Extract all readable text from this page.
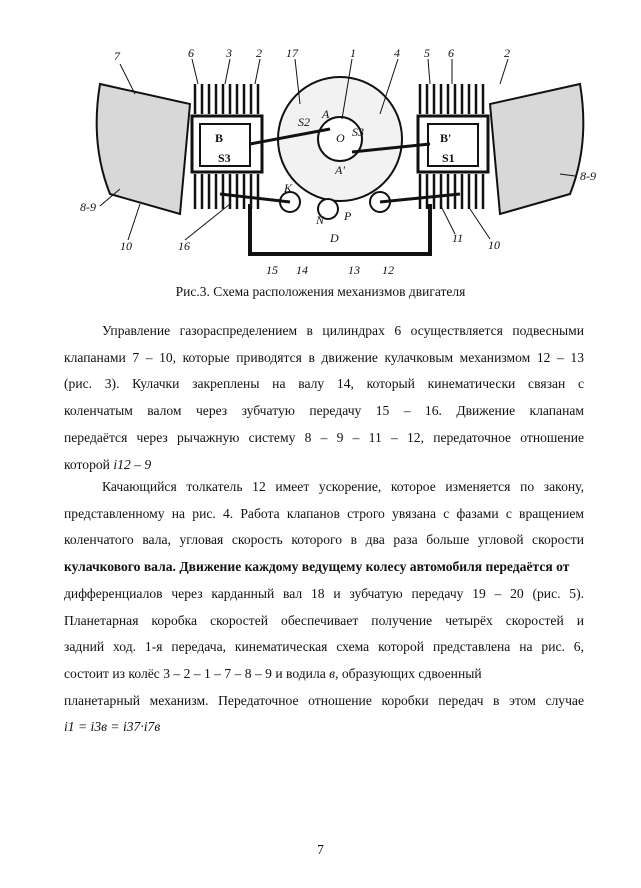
7	6	3 2 17	1	4 5 6	2
B
S3
B'
S1
A
O
A'
S2
S3
K
N P
D
8-9
8-9
10	16
15 14	13 12
11 10
Рис.3. Схема расположения механизмов двигателя
Управление газораспределением в цилиндрах 6 осуществляется подвесными
клапанами 7 – 10, которые приводятся в движение кулачковым механизмом 12 – 13
(рис. 3). Кулачки закреплены на валу 14, который кинематически связан с
коленчатым валом через зубчатую передачу 15 – 16. Движение клапанам
передаётся через рычажную систему 8 – 9 – 11 – 12, передаточное отношение
которой i12 – 9
Качающийся толкатель 12 имеет ускорение, которое изменяется по закону,
представленному на рис. 4. Работа клапанов строго увязана с фазами с вращением
коленчатого вала, угловая скорость которого в два раза больше угловой скорости
кулачкового вала. Движение каждому ведущему колесу автомобиля передаётся от
дифференциалов через карданный вал 18 и зубчатую передачу 19 – 20 (рис. 5).
Планетарная коробка скоростей обеспечивает получение четырёх скоростей и
задний ход. 1-я передача, кинематическая схема которой представлена на рис. 6,
состоит из колёс 3 – 2 – 1 – 7 – 8 – 9 и водила в, образующих сдвоенный
планетарный механизм. Передаточное отношение коробки передач в этом случае
i1 = i3в = i37·i7в
7
